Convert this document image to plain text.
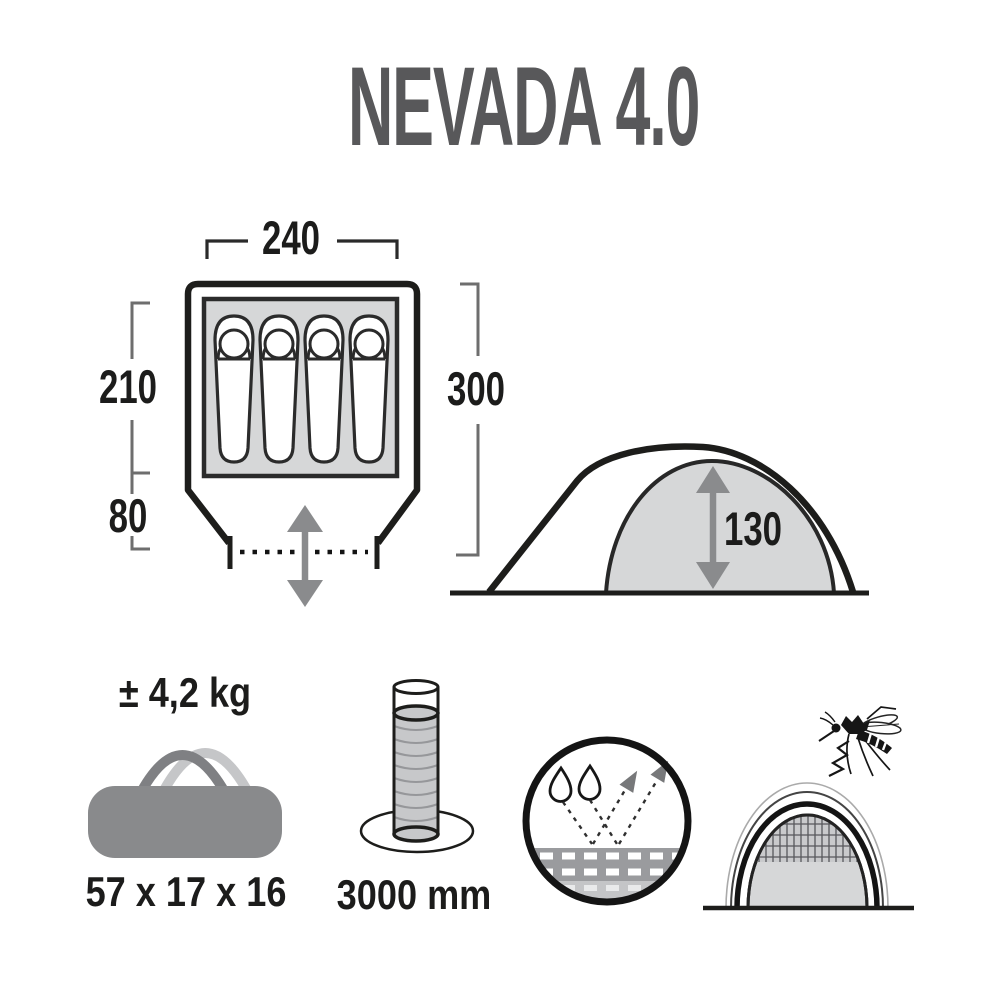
NEVADA 4.0
240
210
80
300
130
± 4,2 kg
57 x 17 x 16	3000 mm
